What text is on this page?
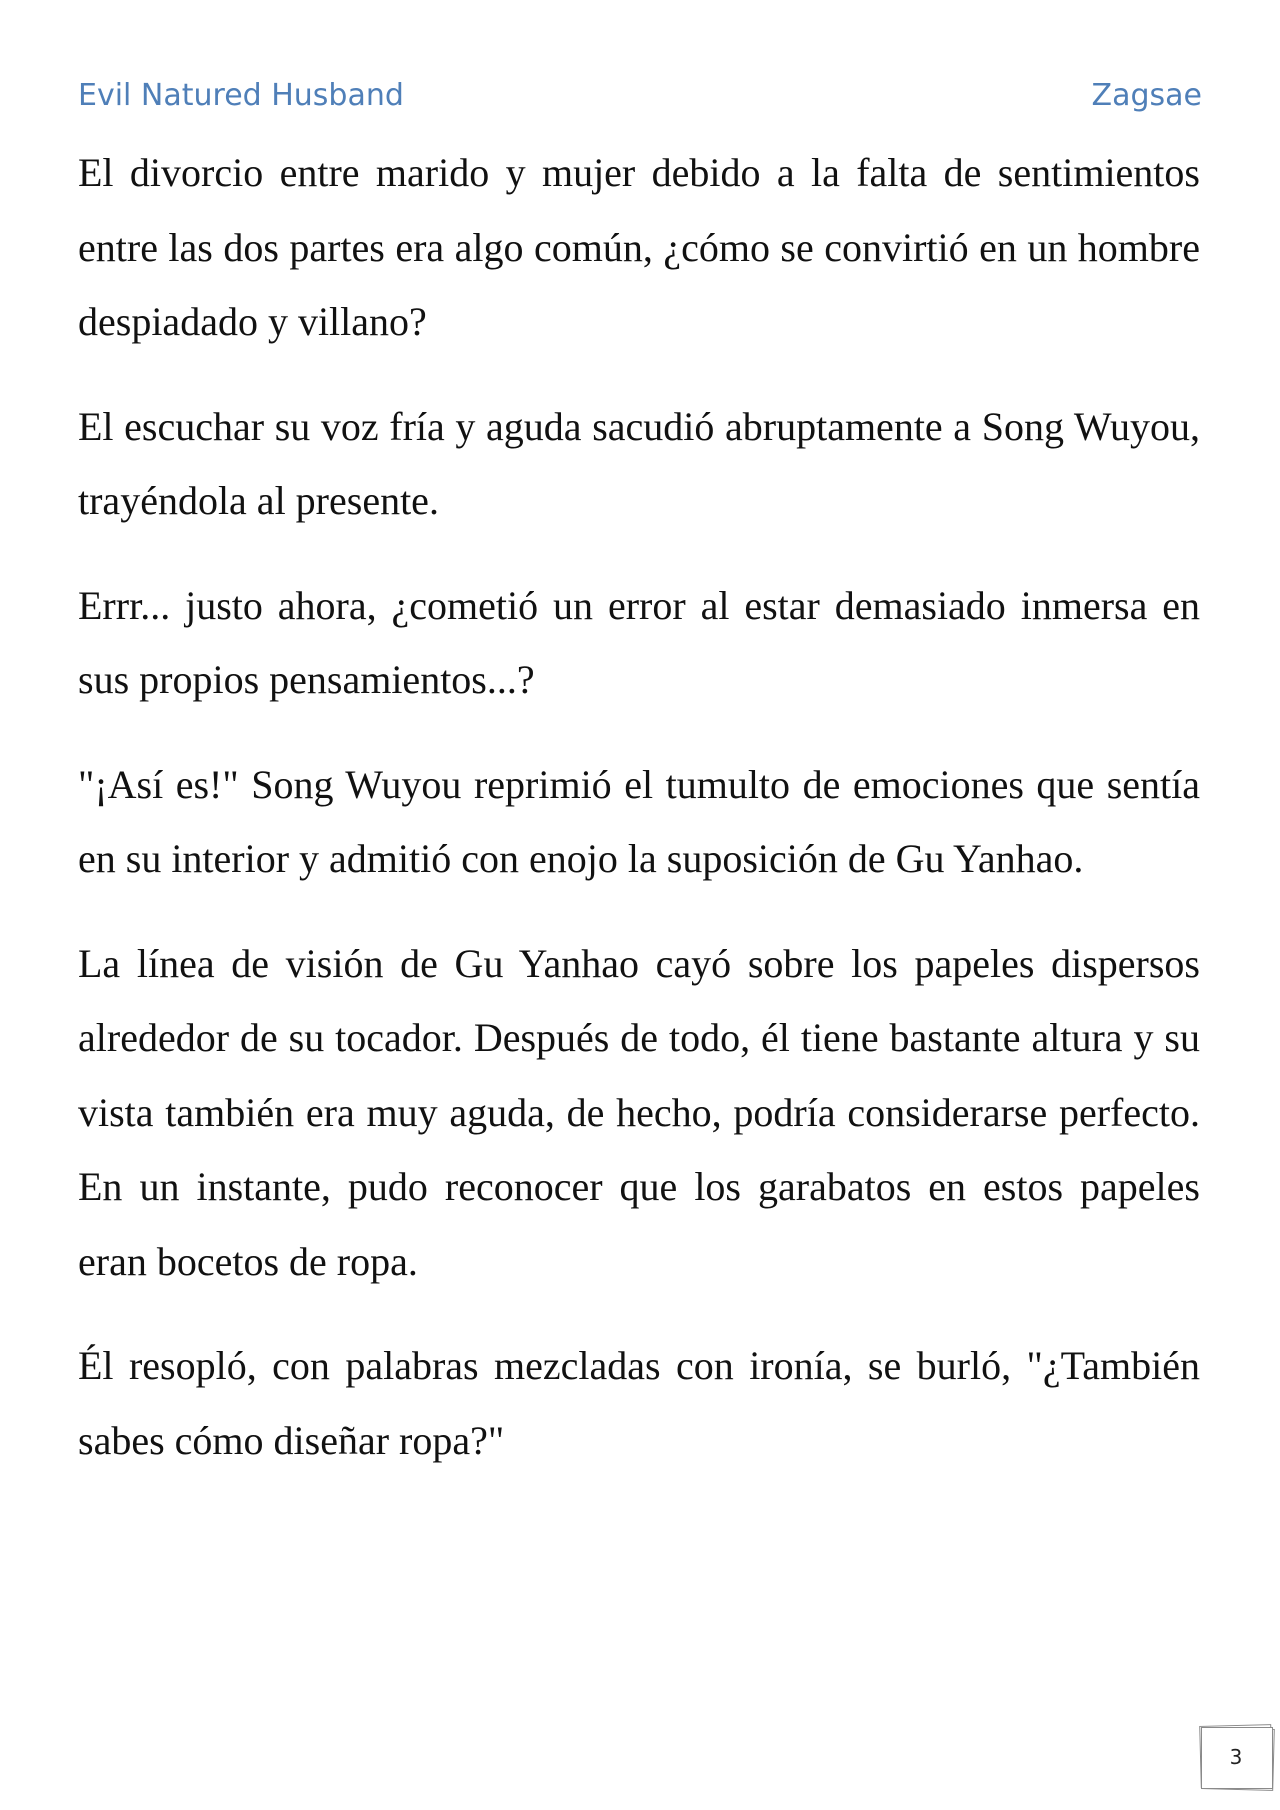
Evil Natured Husband	Zagsae

El divorcio entre marido y mujer debido a la falta de sentimientos entre las dos partes era algo común, ¿cómo se convirtió en un hombre despiadado y villano?

El escuchar su voz fría y aguda sacudió abruptamente a Song Wuyou, trayéndola al presente.

Errr... justo ahora, ¿cometió un error al estar demasiado inmersa en sus propios pensamientos...?

"¡Así es!" Song Wuyou reprimió el tumulto de emociones que sentía en su interior y admitió con enojo la suposición de Gu Yanhao.

La línea de visión de Gu Yanhao cayó sobre los papeles dispersos alrededor de su tocador. Después de todo, él tiene bastante altura y su vista también era muy aguda, de hecho, podría considerarse perfecto. En un instante, pudo reconocer que los garabatos en estos papeles eran bocetos de ropa.

Él resopló, con palabras mezcladas con ironía, se burló, "¿También sabes cómo diseñar ropa?"

3
